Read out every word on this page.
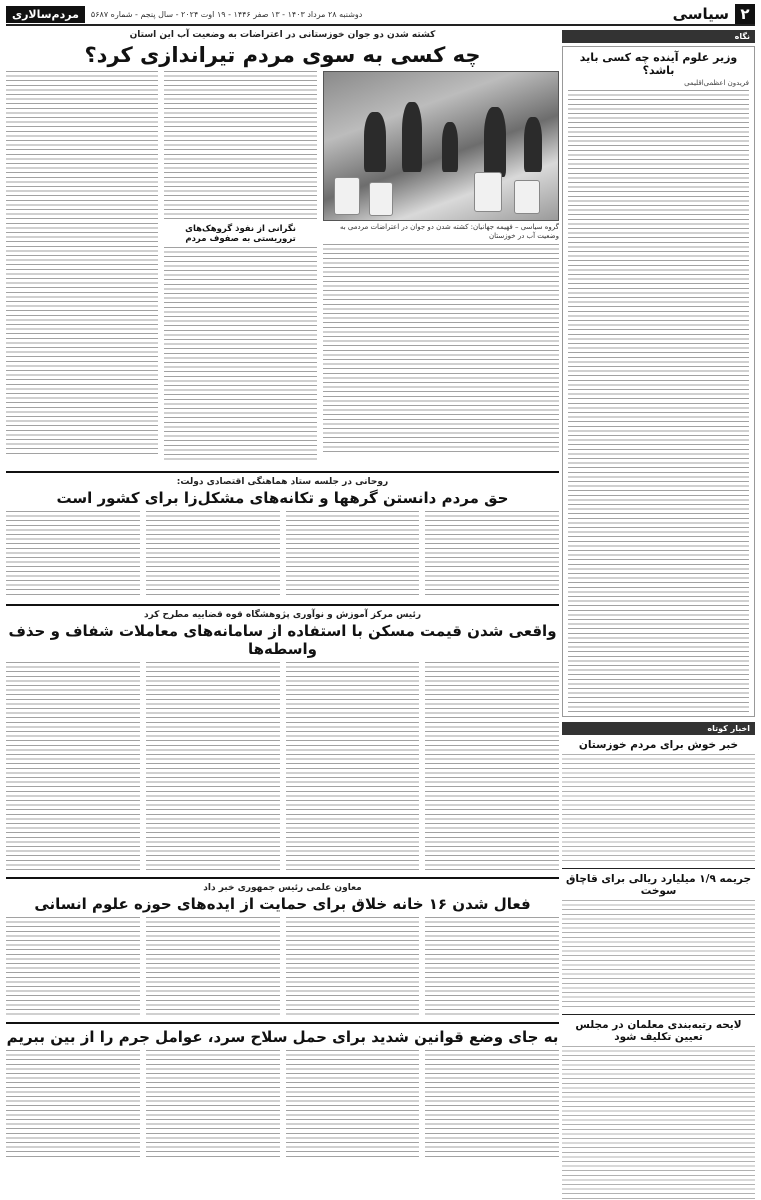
۲
سیاسی
دوشنبه ۲۸ مرداد ۱۴۰۳ - ۱۳ صفر ۱۴۴۶ - ۱۹ اوت ۲۰۲۴ - سال پنجم - شماره ۵۶۸۷
مردم‌سالاری
نگاه
وزیر علوم آینده چه کسی باید باشد؟
فریدون اعظمی‌اقلیمی
اخبار کوتاه
خبر خوش برای مردم خوزستان
جریمه ۱/۹ میلیارد ریالی برای قاچاق سوخت
لایحه رتبه‌بندی معلمان در مجلس تعیین تکلیف شود
کشته شدن دو جوان خوزستانی در اعتراضات به وضعیت آب این استان
چه کسی به سوی مردم تیراندازی کرد؟
گروه سیاسی – فهیمه جهانیان: کشته شدن دو جوان در اعتراضات مردمی به وضعیت آب در خوزستان
نگرانی از نفوذ گروهک‌های تروریستی به صفوف مردم
روحانی در جلسه ستاد هماهنگی اقتصادی دولت:
حق مردم دانستن گرهها و تکانه‌های مشکل‌زا برای کشور است
رئیس مرکز آموزش و نوآوری پژوهشگاه قوه قضاییه مطرح کرد
واقعی شدن قیمت مسکن با استفاده از سامانه‌های معاملات شفاف و حذف واسطه‌ها
معاون علمی رئیس جمهوری خبر داد
فعال شدن ۱۶ خانه خلاق برای حمایت از ایده‌های حوزه علوم انسانی
به جای وضع قوانین شدید برای حمل سلاح سرد، عوامل جرم را از بین ببریم
